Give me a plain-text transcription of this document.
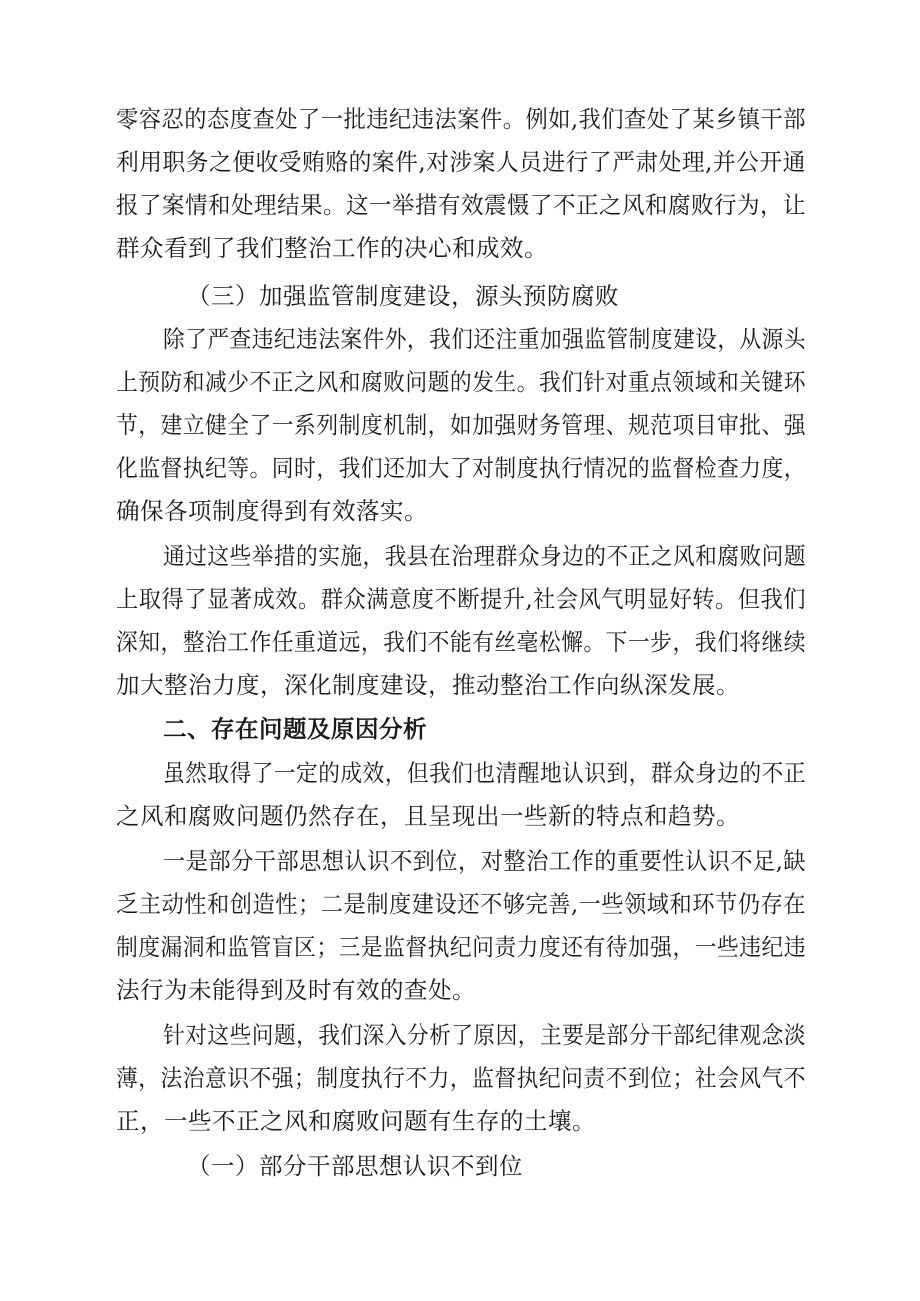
零容忍的态度查处了一批违纪违法案件。例如,我们查处了某乡镇干部
利用职务之便收受贿赂的案件,对涉案人员进行了严肃处理,并公开通
报了案情和处理结果。这一举措有效震慑了不正之风和腐败行为，让
群众看到了我们整治工作的决心和成效。
（三）加强监管制度建设，源头预防腐败
除了严查违纪违法案件外，我们还注重加强监管制度建设，从源头
上预防和减少不正之风和腐败问题的发生。我们针对重点领域和关键环
节，建立健全了一系列制度机制，如加强财务管理、规范项目审批、强
化监督执纪等。同时，我们还加大了对制度执行情况的监督检查力度，
确保各项制度得到有效落实。
通过这些举措的实施，我县在治理群众身边的不正之风和腐败问题
上取得了显著成效。群众满意度不断提升,社会风气明显好转。但我们
深知，整治工作任重道远，我们不能有丝毫松懈。下一步，我们将继续
加大整治力度，深化制度建设，推动整治工作向纵深发展。
二、存在问题及原因分析
虽然取得了一定的成效，但我们也清醒地认识到，群众身边的不正
之风和腐败问题仍然存在，且呈现出一些新的特点和趋势。
一是部分干部思想认识不到位，对整治工作的重要性认识不足,缺
乏主动性和创造性；二是制度建设还不够完善,一些领域和环节仍存在
制度漏洞和监管盲区；三是监督执纪问责力度还有待加强，一些违纪违
法行为未能得到及时有效的查处。
针对这些问题，我们深入分析了原因，主要是部分干部纪律观念淡
薄，法治意识不强；制度执行不力，监督执纪问责不到位；社会风气不
正，一些不正之风和腐败问题有生存的土壤。
（一）部分干部思想认识不到位
